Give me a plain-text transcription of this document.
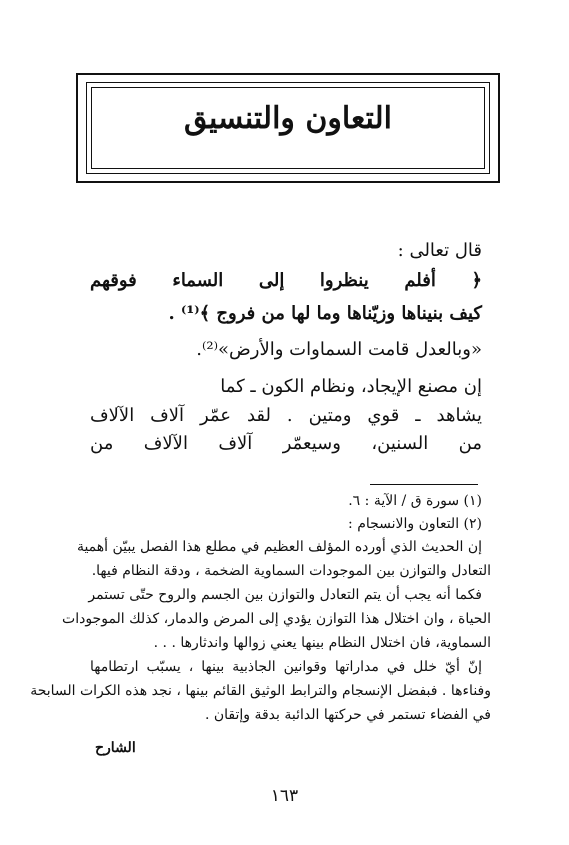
التعاون والتنسيق
قال تعالى :
﴿ أفلم ينظروا إلى السماء فوقهم
كيف بنيناها وزيّناها وما لها من فروج ﴾⁽¹⁾ .
«وبالعدل قامت السماوات والأرض»⁽²⁾.
إن مصنع الإيجاد، ونظام الكون ـ كما
يشاهد ـ قوي ومتين . لقد عمّر آلاف الآلاف
من السنين، وسيعمّر آلاف الآلاف من
(١) سورة ق / الآية : ٦.
(٢) التعاون والانسجام :
إن الحديث الذي أورده المؤلف العظيم في مطلع هذا الفصل يبيّن أهمية
التعادل والتوازن بين الموجودات السماوية الضخمة ، ودقة النظام فيها.
فكما أنه يجب أن يتم التعادل والتوازن بين الجسم والروح حتّى تستمر
الحياة ، وان اختلال هذا التوازن يؤدي إلى المرض والدمار، كذلك الموجودات
السماوية، فان اختلال النظام بينها يعني زوالها واندثارها . . .
إنّ أيّ خلل في مداراتها وقوانين الجاذبية بينها ، يسبّب ارتطامها
وفناءها . فبفضل الإنسجام والترابط الوثيق القائم بينها ، نجد هذه الكرات السابحة
في الفضاء تستمر في حركتها الدائبة بدقة وإتقان .
الشارح
١٦٣
